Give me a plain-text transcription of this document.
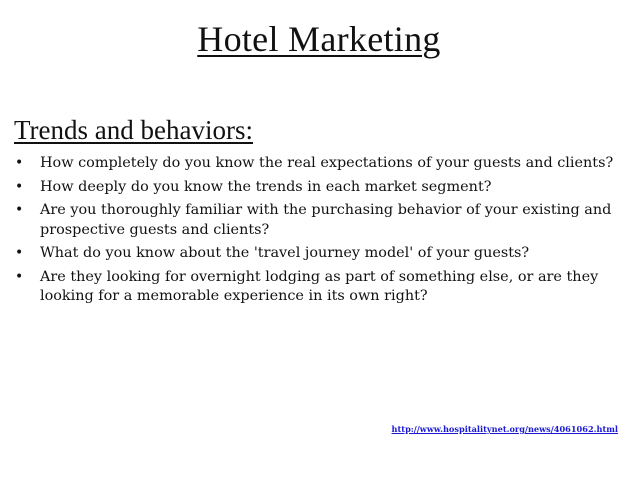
Hotel Marketing
Trends and behaviors:
• How completely do you know the real expectations of your guests and clients?
• How deeply do you know the trends in each market segment?
• Are you thoroughly familiar with the purchasing behavior of your existing and prospective guests and clients?
• What do you know about the 'travel journey model' of your guests?
• Are they looking for overnight lodging as part of something else, or are they looking for a memorable experience in its own right?
http://www.hospitalitynet.org/news/4061062.html
